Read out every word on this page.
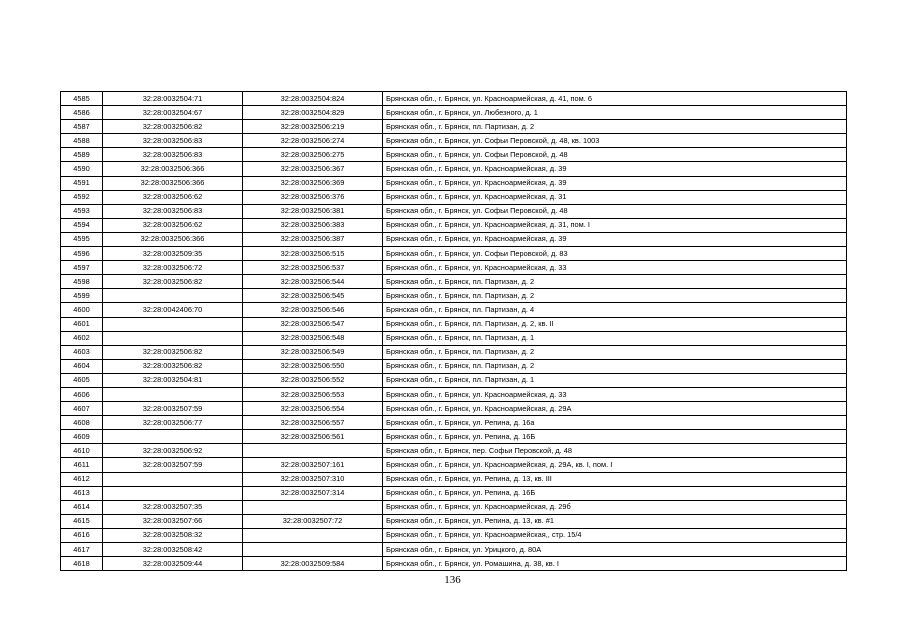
4585	32:28:0032504:71	32:28:0032504:824	Брянская обл., г. Брянск, ул. Красноармейская, д. 41, пом. 6
4586	32:28:0032504:67	32:28:0032504:829	Брянская обл., г. Брянск, ул. Любезного, д. 1
4587	32:28:0032506:82	32:28:0032506:219	Брянская обл., г. Брянск, пл. Партизан, д. 2
4588	32:28:0032506:83	32:28:0032506:274	Брянская обл., г. Брянск, ул. Софьи Перовской, д. 48, кв. 1003
4589	32:28:0032506:83	32:28:0032506:275	Брянская обл., г. Брянск, ул. Софьи Перовской, д. 48
4590	32:28:0032506:366	32:28:0032506:367	Брянская обл., г. Брянск, ул. Красноармейская, д. 39
4591	32:28:0032506:366	32:28:0032506:369	Брянская обл., г. Брянск, ул. Красноармейская, д. 39
4592	32:28:0032506:62	32:28:0032506:376	Брянская обл., г. Брянск, ул. Красноармейская, д. 31
4593	32:28:0032506:83	32:28:0032506:381	Брянская обл., г. Брянск, ул. Софьи Перовской, д. 48
4594	32:28:0032506:62	32:28:0032506:383	Брянская обл., г. Брянск, ул. Красноармейская, д. 31, пом. I
4595	32:28:0032506:366	32:28:0032506:387	Брянская обл., г. Брянск, ул. Красноармейская, д. 39
4596	32:28:0032509:35	32:28:0032506:515	Брянская обл., г. Брянск, ул. Софьи Перовской, д. 83
4597	32:28:0032506:72	32:28:0032506:537	Брянская обл., г. Брянск, ул. Красноармейская, д. 33
4598	32:28:0032506:82	32:28:0032506:544	Брянская обл., г. Брянск, пл. Партизан, д. 2
4599		32:28:0032506:545	Брянская обл., г. Брянск, пл. Партизан, д. 2
4600	32:28:0042406:70	32:28:0032506:546	Брянская обл., г. Брянск, пл. Партизан, д. 4
4601		32:28:0032506:547	Брянская обл., г. Брянск, пл. Партизан, д. 2, кв. II
4602		32:28:0032506:548	Брянская обл., г. Брянск, пл. Партизан, д. 1
4603	32:28:0032506:82	32:28:0032506:549	Брянская обл., г. Брянск, пл. Партизан, д. 2
4604	32:28:0032506:82	32:28:0032506:550	Брянская обл., г. Брянск, пл. Партизан, д. 2
4605	32:28:0032504:81	32:28:0032506:552	Брянская обл., г. Брянск, пл. Партизан, д. 1
4606		32:28:0032506:553	Брянская обл., г. Брянск, ул. Красноармейская, д. 33
4607	32:28:0032507:59	32:28:0032506:554	Брянская обл., г. Брянск, ул. Красноармейская, д. 29А
4608	32:28:0032506:77	32:28:0032506:557	Брянская обл., г. Брянск, ул. Репина, д. 16а
4609		32:28:0032506:561	Брянская обл., г. Брянск, ул. Репина, д. 16Б
4610	32:28:0032506:92		Брянская обл., г. Брянск, пер. Софьи Перовской, д. 48
4611	32:28:0032507:59	32:28:0032507:161	Брянская обл., г. Брянск, ул. Красноармейская, д. 29А, кв. I, пом. I
4612		32:28:0032507:310	Брянская обл., г. Брянск, ул. Репина, д. 13, кв. III
4613		32:28:0032507:314	Брянская обл., г. Брянск, ул. Репина, д. 16Б
4614	32:28:0032507:35		Брянская обл., г. Брянск, ул. Красноармейская, д. 29б
4615	32:28:0032507:66	32:28:0032507:72	Брянская обл., г. Брянск, ул. Репина, д. 13, кв. #1
4616	32:28:0032508:32		Брянская обл., г. Брянск, ул. Красноармейская,, стр. 15/4
4617	32:28:0032508:42		Брянская обл., г. Брянск, ул. Урицкого, д. 80А
4618	32:28:0032509:44	32:28:0032509:584	Брянская обл., г. Брянск, ул. Ромашина, д. 38, кв. I
136
